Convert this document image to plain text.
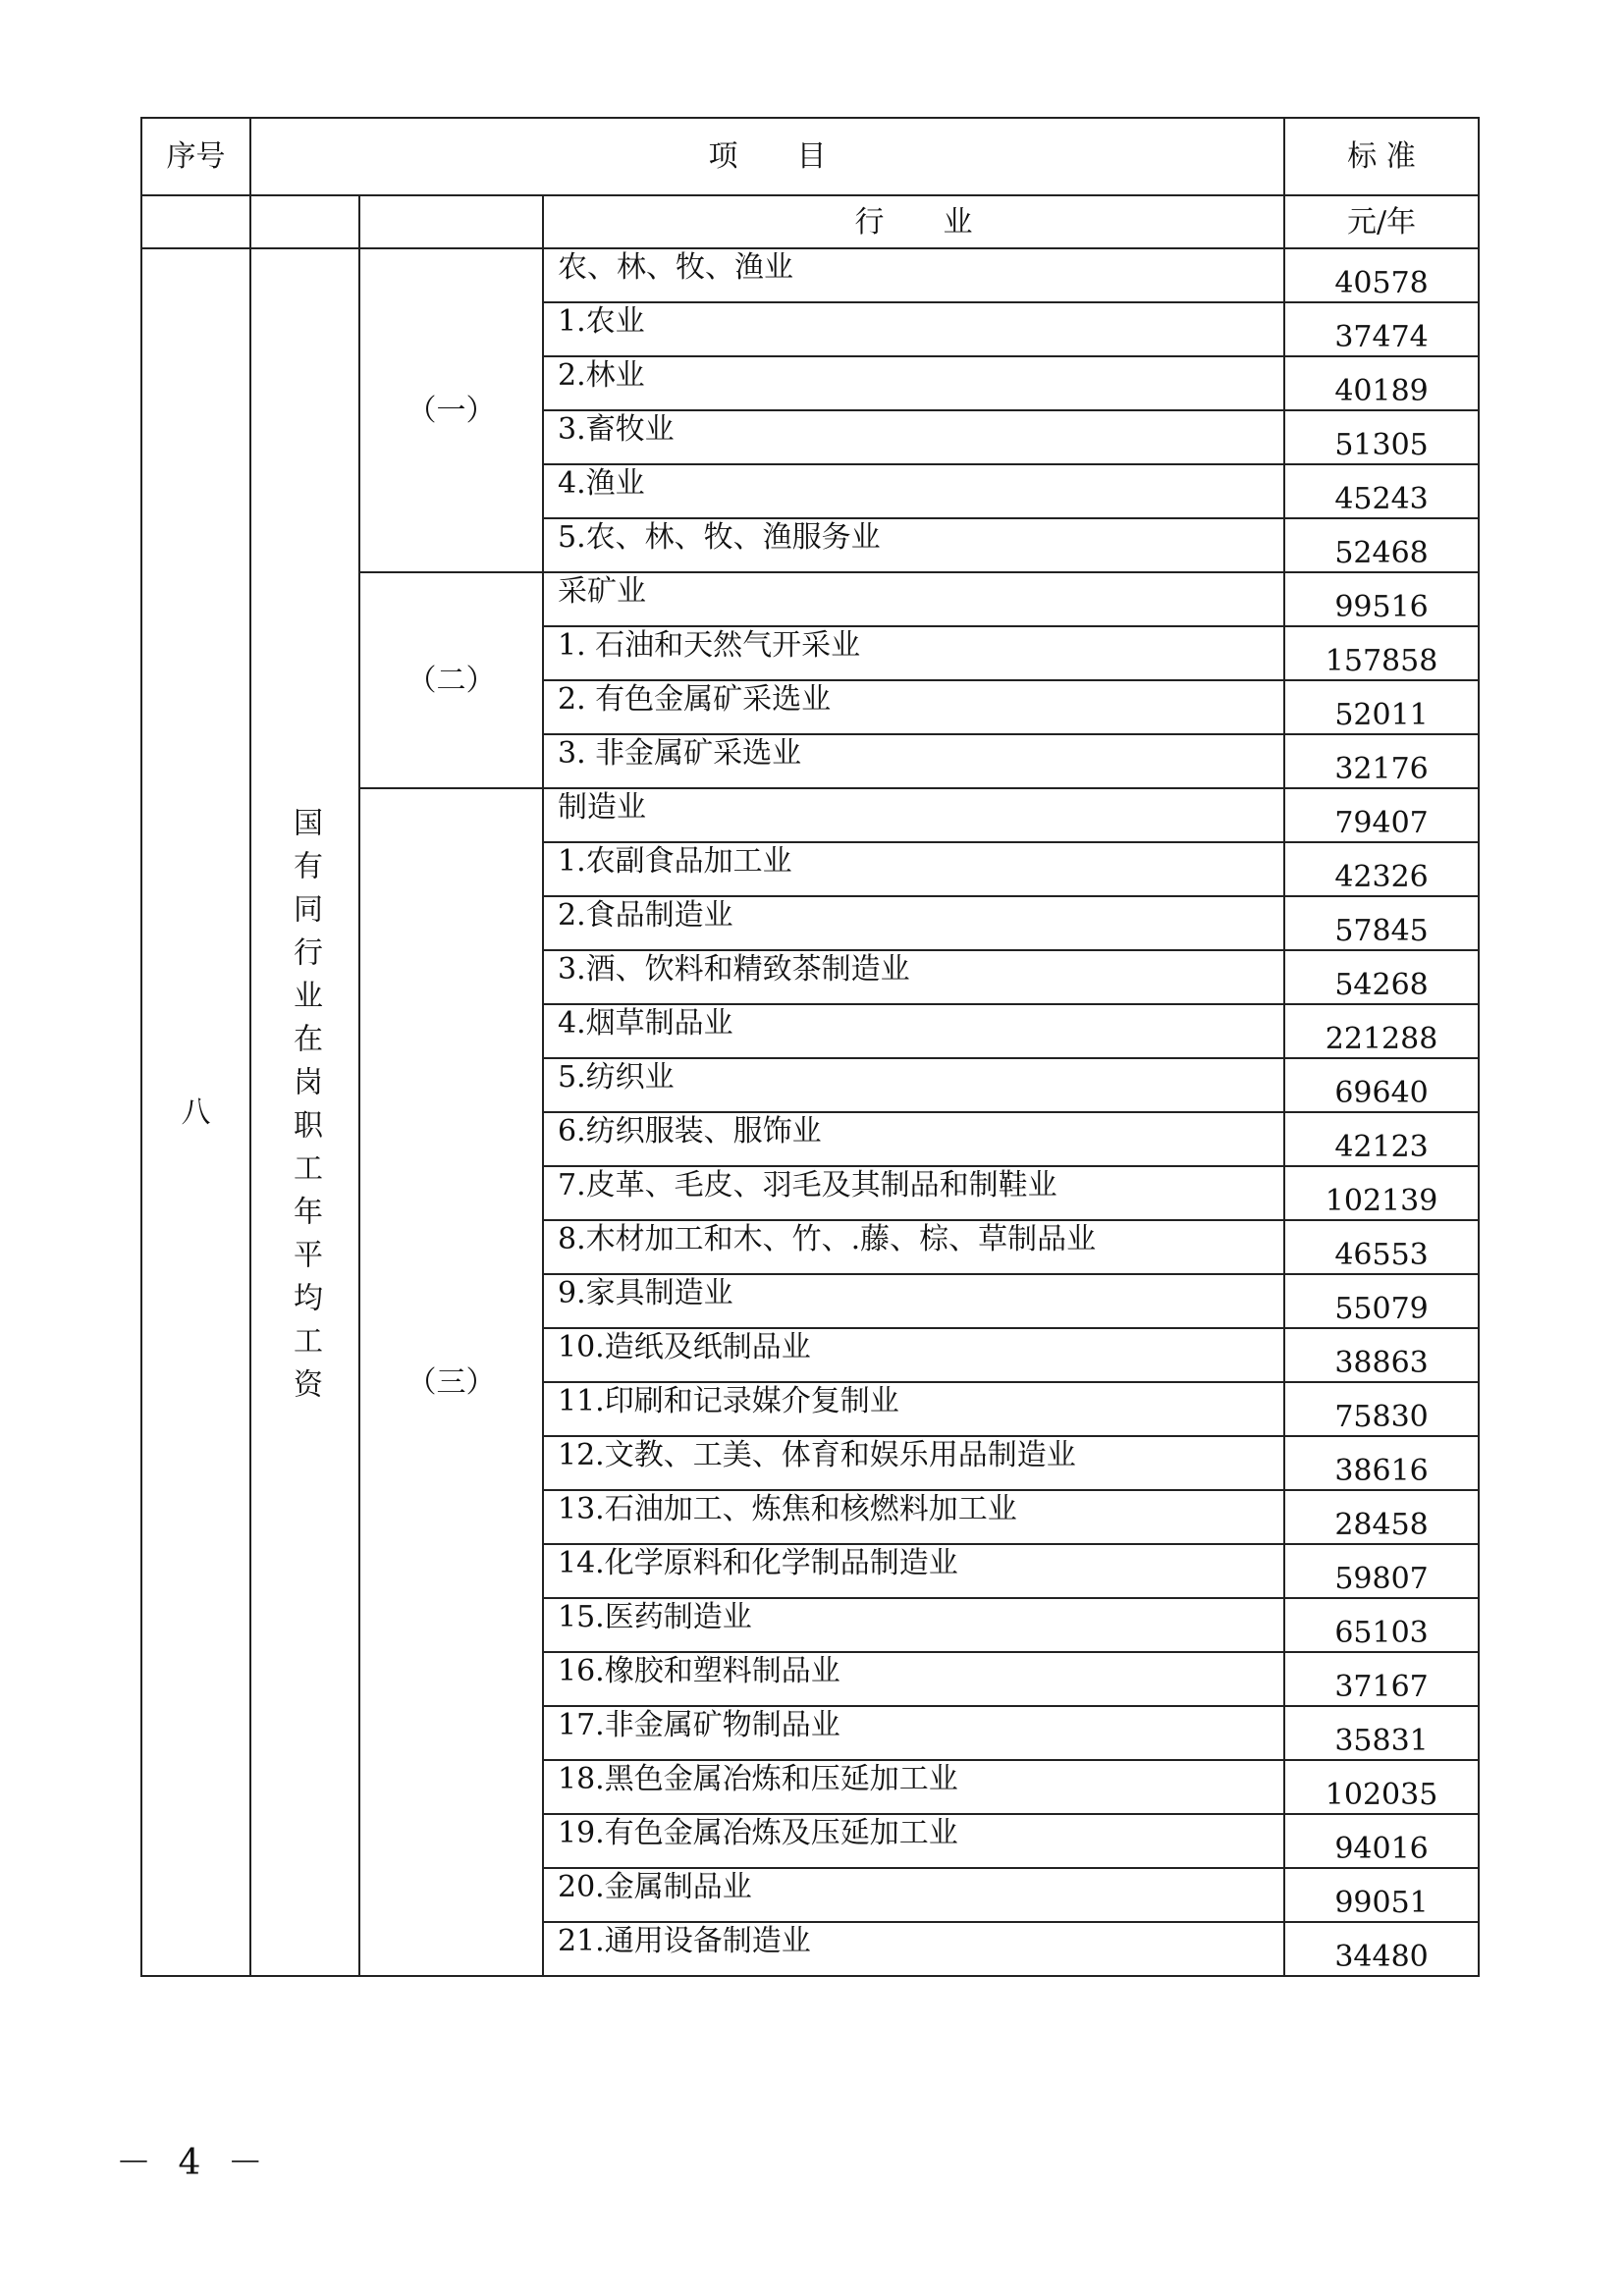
序号	项　　目			标 准
			行　　业	元/年
八	国有同行业在岗职工年平均工资	（一）	农、林、牧、渔业	40578
			1.农业	37474
			2.林业	40189
			3.畜牧业	51305
			4.渔业	45243
			5.农、林、牧、渔服务业	52468
		（二）	采矿业	99516
			1. 石油和天然气开采业	157858
			2. 有色金属矿采选业	52011
			3. 非金属矿采选业	32176
		（三）	制造业	79407
			1.农副食品加工业	42326
			2.食品制造业	57845
			3.酒、饮料和精致茶制造业	54268
			4.烟草制品业	221288
			5.纺织业	69640
			6.纺织服装、服饰业	42123
			7.皮革、毛皮、羽毛及其制品和制鞋业	102139
			8.木材加工和木、竹、.藤、棕、草制品业	46553
			9.家具制造业	55079
			10.造纸及纸制品业	38863
			11.印刷和记录媒介复制业	75830
			12.文教、工美、体育和娱乐用品制造业	38616
			13.石油加工、炼焦和核燃料加工业	28458
			14.化学原料和化学制品制造业	59807
			15.医药制造业	65103
			16.橡胶和塑料制品业	37167
			17.非金属矿物制品业	35831
			18.黑色金属冶炼和压延加工业	102035
			19.有色金属冶炼及压延加工业	94016
			20.金属制品业	99051
			21.通用设备制造业	34480
－ 4 －
